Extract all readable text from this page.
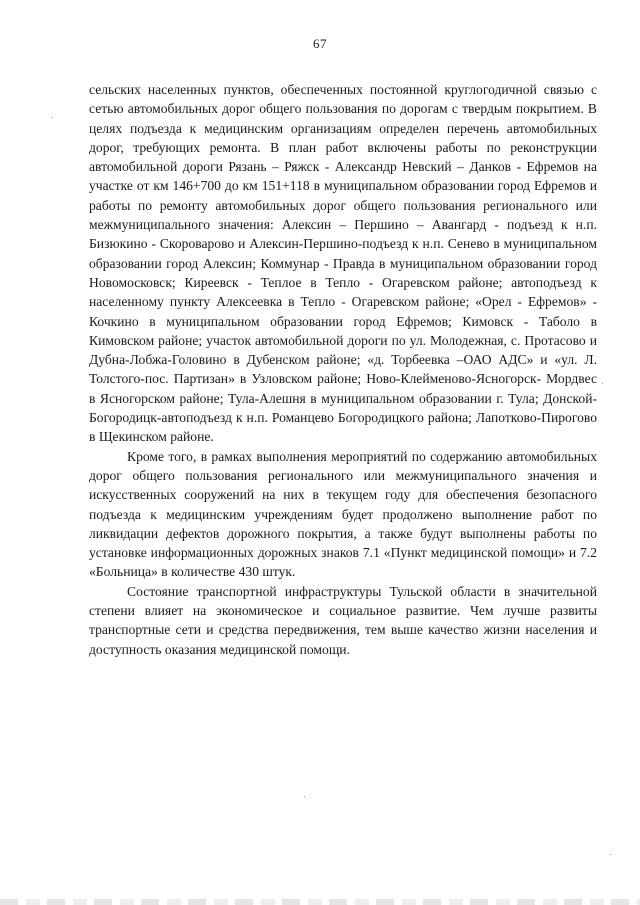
67

сельских населенных пунктов, обеспеченных постоянной круглогодичной связью с сетью автомобильных дорог общего пользования по дорогам с твердым покрытием. В целях подъезда к медицинским организациям определен перечень автомобильных дорог, требующих ремонта. В план работ включены работы по реконструкции автомобильной дороги Рязань – Ряжск - Александр Невский – Данков - Ефремов на участке от км 146+700 до км 151+118 в муниципальном образовании город Ефремов и работы по ремонту автомобильных дорог общего пользования регионального или межмуниципального значения: Алексин – Першино – Авангард - подъезд к н.п. Бизюкино - Скороварово и Алексин-Першино-подъезд к н.п. Сенево в муниципальном образовании город Алексин; Коммунар - Правда в муниципальном образовании город Новомосковск; Киреевск - Теплое в Тепло - Огаревском районе; автоподъезд к населенному пункту Алексеевка в Тепло - Огаревском районе; «Орел - Ефремов» - Кочкино в муниципальном образовании город Ефремов; Кимовск - Таболо в Кимовском районе; участок автомобильной дороги по ул. Молодежная, с. Протасово и Дубна-Лобжа-Головино в Дубенском районе; «д. Торбеевка –ОАО АДС» и «ул. Л. Толстого-пос. Партизан» в Узловском районе; Ново-Клейменово-Ясногорск- Мордвес в Ясногорском районе; Тула-Алешня в муниципальном образовании г. Тула; Донской-Богородицк-автоподъезд к н.п. Романцево Богородицкого района; Лапотково-Пирогово в Щекинском районе.

Кроме того, в рамках выполнения мероприятий по содержанию автомобильных дорог общего пользования регионального или межмуниципального значения и искусственных сооружений на них в текущем году для обеспечения безопасного подъезда к медицинским учреждениям будет продолжено выполнение работ по ликвидации дефектов дорожного покрытия, а также будут выполнены работы по установке информационных дорожных знаков 7.1 «Пункт медицинской помощи» и 7.2 «Больница» в количестве 430 штук.

Состояние транспортной инфраструктуры Тульской области в значительной степени влияет на экономическое и социальное развитие. Чем лучше развиты транспортные сети и средства передвижения, тем выше качество жизни населения и доступность оказания медицинской помощи.
